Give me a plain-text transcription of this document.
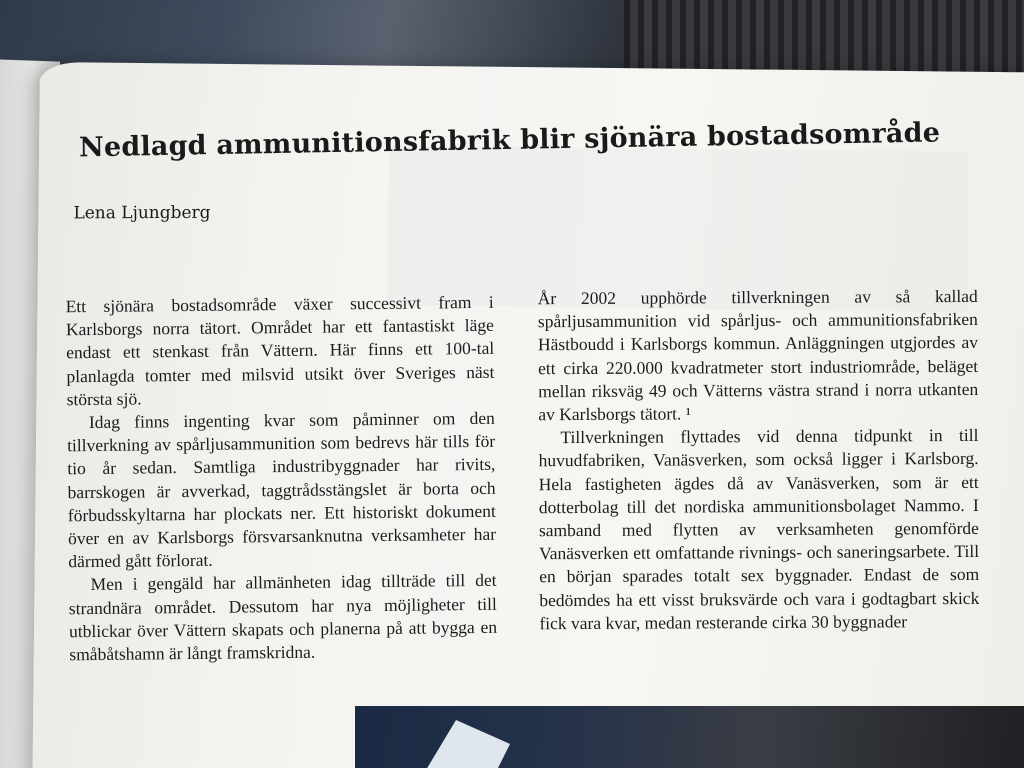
Nedlagd ammunitionsfabrik blir sjönära bostadsområde
Lena Ljungberg

Ett sjönära bostadsområde växer successivt fram i Karlsborgs norra tätort. Området har ett fantastiskt läge endast ett stenkast från Vättern. Här finns ett 100-tal planlagda tomter med milsvid utsikt över Sveriges näst största sjö.

Idag finns ingenting kvar som påminner om den tillverkning av spårljusammunition som bedrevs här tills för tio år sedan. Samtliga industribyggnader har rivits, barrskogen är avverkad, taggtrådsstängslet är borta och förbudsskyltarna har plockats ner. Ett historiskt dokument över en av Karlsborgs försvarsanknutna verksamheter har därmed gått förlorat.

Men i gengäld har allmänheten idag tillträde till det strandnära området. Dessutom har nya möjligheter till utblickar över Vättern skapats och planerna på att bygga en småbåtshamn är långt framskridna.

År 2002 upphörde tillverkningen av så kallad spårljusammunition vid spårljus- och ammunitionsfabriken Hästboudd i Karlsborgs kommun. Anläggningen utgjordes av ett cirka 220.000 kvadratmeter stort industriområde, beläget mellan riksväg 49 och Vätterns västra strand i norra utkanten av Karlsborgs tätort. ¹

Tillverkningen flyttades vid denna tidpunkt in till huvudfabriken, Vanäsverken, som också ligger i Karlsborg. Hela fastigheten ägdes då av Vanäsverken, som är ett dotterbolag till det nordiska ammunitionsbolaget Nammo. I samband med flytten av verksamheten genomförde Vanäsverken ett omfattande rivnings- och saneringsarbete. Till en början sparades totalt sex byggnader. Endast de som bedömdes ha ett visst bruksvärde och vara i godtagbart skick fick vara kvar, medan resterande cirka 30 byggnader
